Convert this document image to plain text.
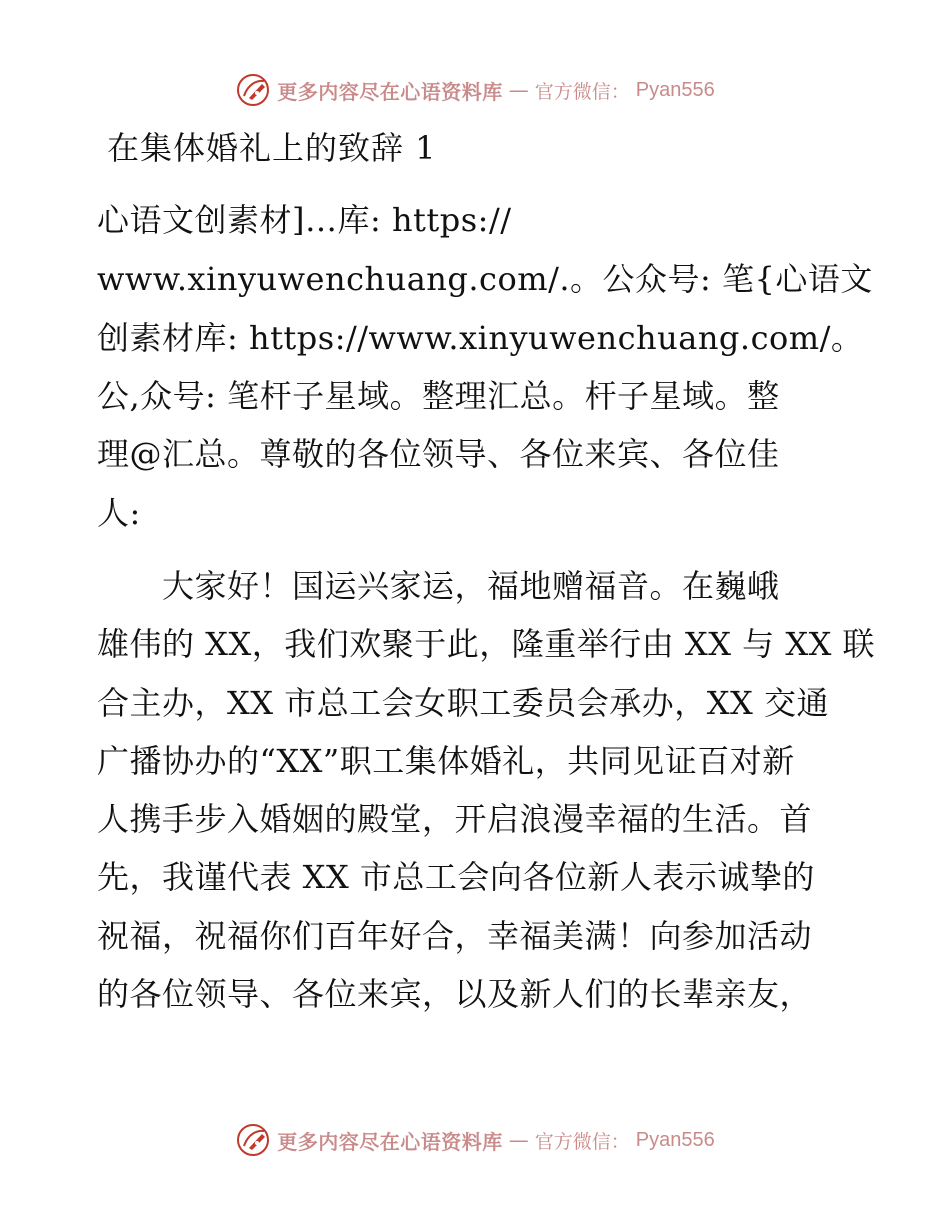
更多内容尽在心语资料库 — 官方微信： Pyan556
在集体婚礼上的致辞 1
心语文创素材]…库: https://
www.xinyuwenchuang.com/.。公众号: 笔{心语文
创素材库: https://www.xinyuwenchuang.com/。
公,众号: 笔杆子星域。整理汇总。杆子星域。整
理@汇总。尊敬的各位领导、各位来宾、各位佳
人:
　　大家好！国运兴家运，福地赠福音。在巍峨
雄伟的 XX，我们欢聚于此，隆重举行由 XX 与 XX 联
合主办，XX 市总工会女职工委员会承办，XX 交通
广播协办的“XX”职工集体婚礼，共同见证百对新
人携手步入婚姻的殿堂，开启浪漫幸福的生活。首
先，我谨代表 XX 市总工会向各位新人表示诚挚的
祝福，祝福你们百年好合，幸福美满！向参加活动
的各位领导、各位来宾，以及新人们的长辈亲友，
更多内容尽在心语资料库 — 官方微信： Pyan556
